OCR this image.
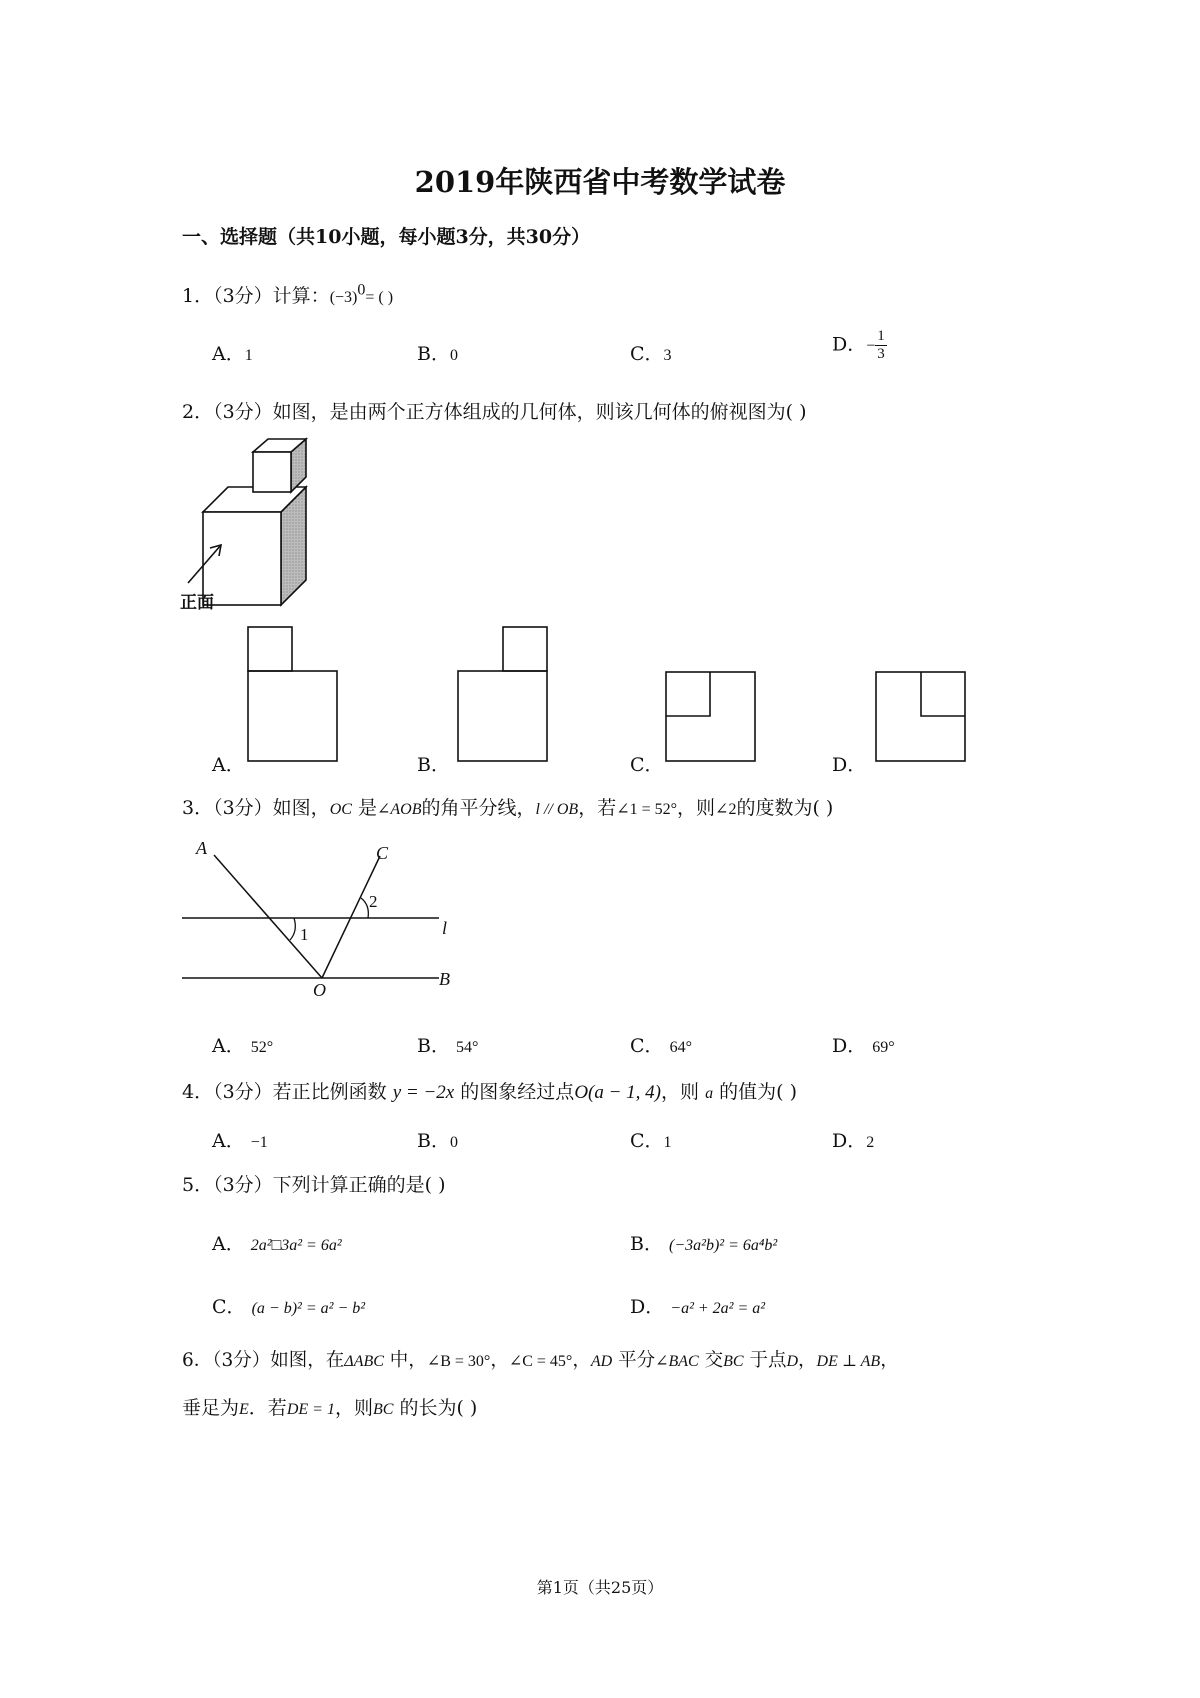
2019年陕西省中考数学试卷
一、选择题（共10小题，每小题3分，共30分）
1．（3分）计算：$(-3)^0=$ ( )
A．1	B．0	C．3	D．− $\frac{1}{3}$
2．（3分）如图，是由两个正方体组成的几何体，则该几何体的俯视图为( )
正面
A．	B．	C．	D．
3．（3分）如图，OC 是∠AOB的角平分线，l // OB，若∠1 = 52°，则∠2的度数为( )
A	C
2
1	l
O
B
A． 52°	B． 54°	C． 64°	D． 69°
4．（3分）若正比例函数 y = −2x 的图象经过点O(a − 1, 4)，则 a 的值为( )
A． −1	B．0	C．1	D．2
5．（3分）下列计算正确的是( )
A． 2a²□3a² = 6a²	B． (−3a²b)² = 6a⁴b²
C． (a − b)² = a² − b²	D． −a² + 2a² = a²
6．（3分）如图，在ΔABC 中，∠B = 30°，∠C = 45°，AD 平分∠BAC 交BC 于点D，DE ⊥ AB，
垂足为E．若DE = 1，则BC 的长为( )
第1页（共25页）
